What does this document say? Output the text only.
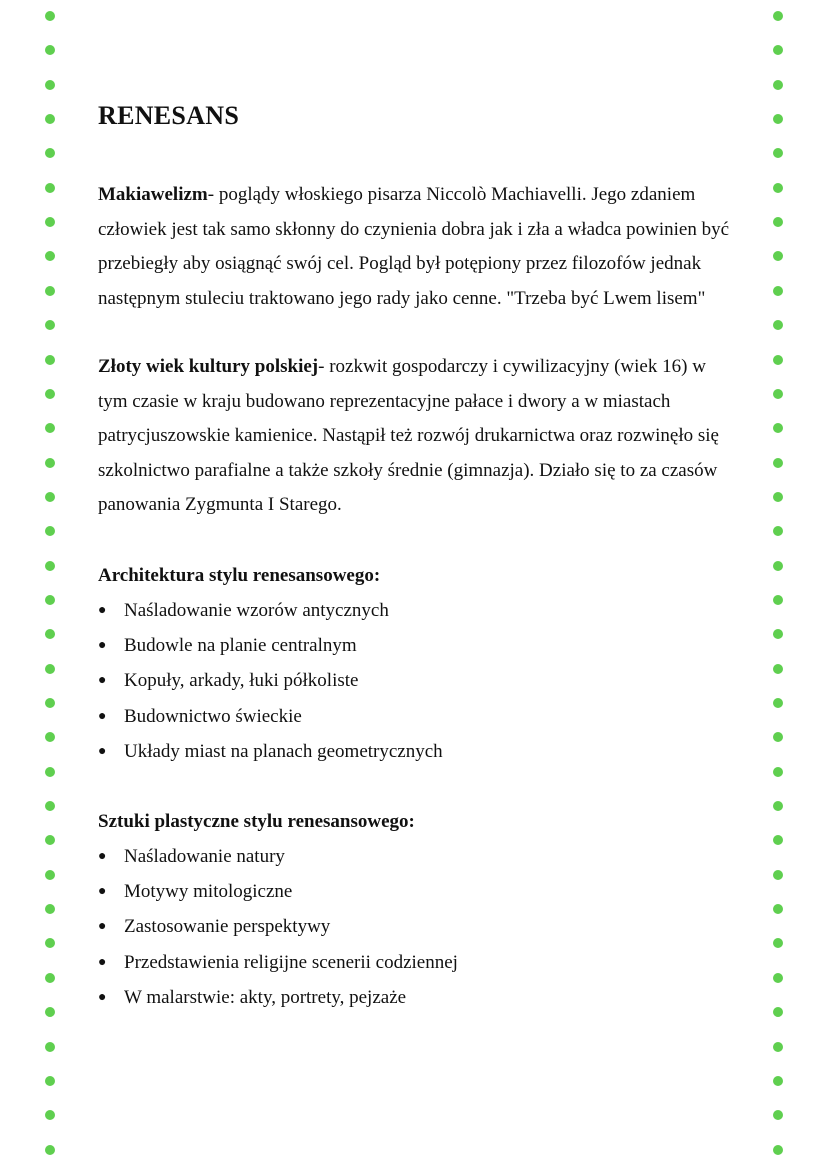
RENESANS

Makiawelizm- poglądy włoskiego pisarza Niccolò Machiavelli. Jego zdaniem człowiek jest tak samo skłonny do czynienia dobra jak i zła a władca powinien być przebiegły aby osiągnąć swój cel. Pogląd był potępiony przez filozofów jednak następnym stuleciu traktowano jego rady jako cenne. "Trzeba być Lwem lisem"

Złoty wiek kultury polskiej- rozkwit gospodarczy i cywilizacyjny (wiek 16) w tym czasie w kraju budowano reprezentacyjne pałace i dwory a w miastach patrycjuszowskie kamienice. Nastąpił też rozwój drukarnictwa oraz rozwinęło się szkolnictwo parafialne a także szkoły średnie (gimnazja). Działo się to za czasów panowania Zygmunta I Starego.

Architektura stylu renesansowego:
● Naśladowanie wzorów antycznych
● Budowle na planie centralnym
● Kopuły, arkady, łuki półkoliste
● Budownictwo świeckie
● Układy miast na planach geometrycznych
Sztuki plastyczne stylu renesansowego:
● Naśladowanie natury
● Motywy mitologiczne
● Zastosowanie perspektywy
● Przedstawienia religijne scenerii codziennej
● W malarstwie: akty, portrety, pejzaże
